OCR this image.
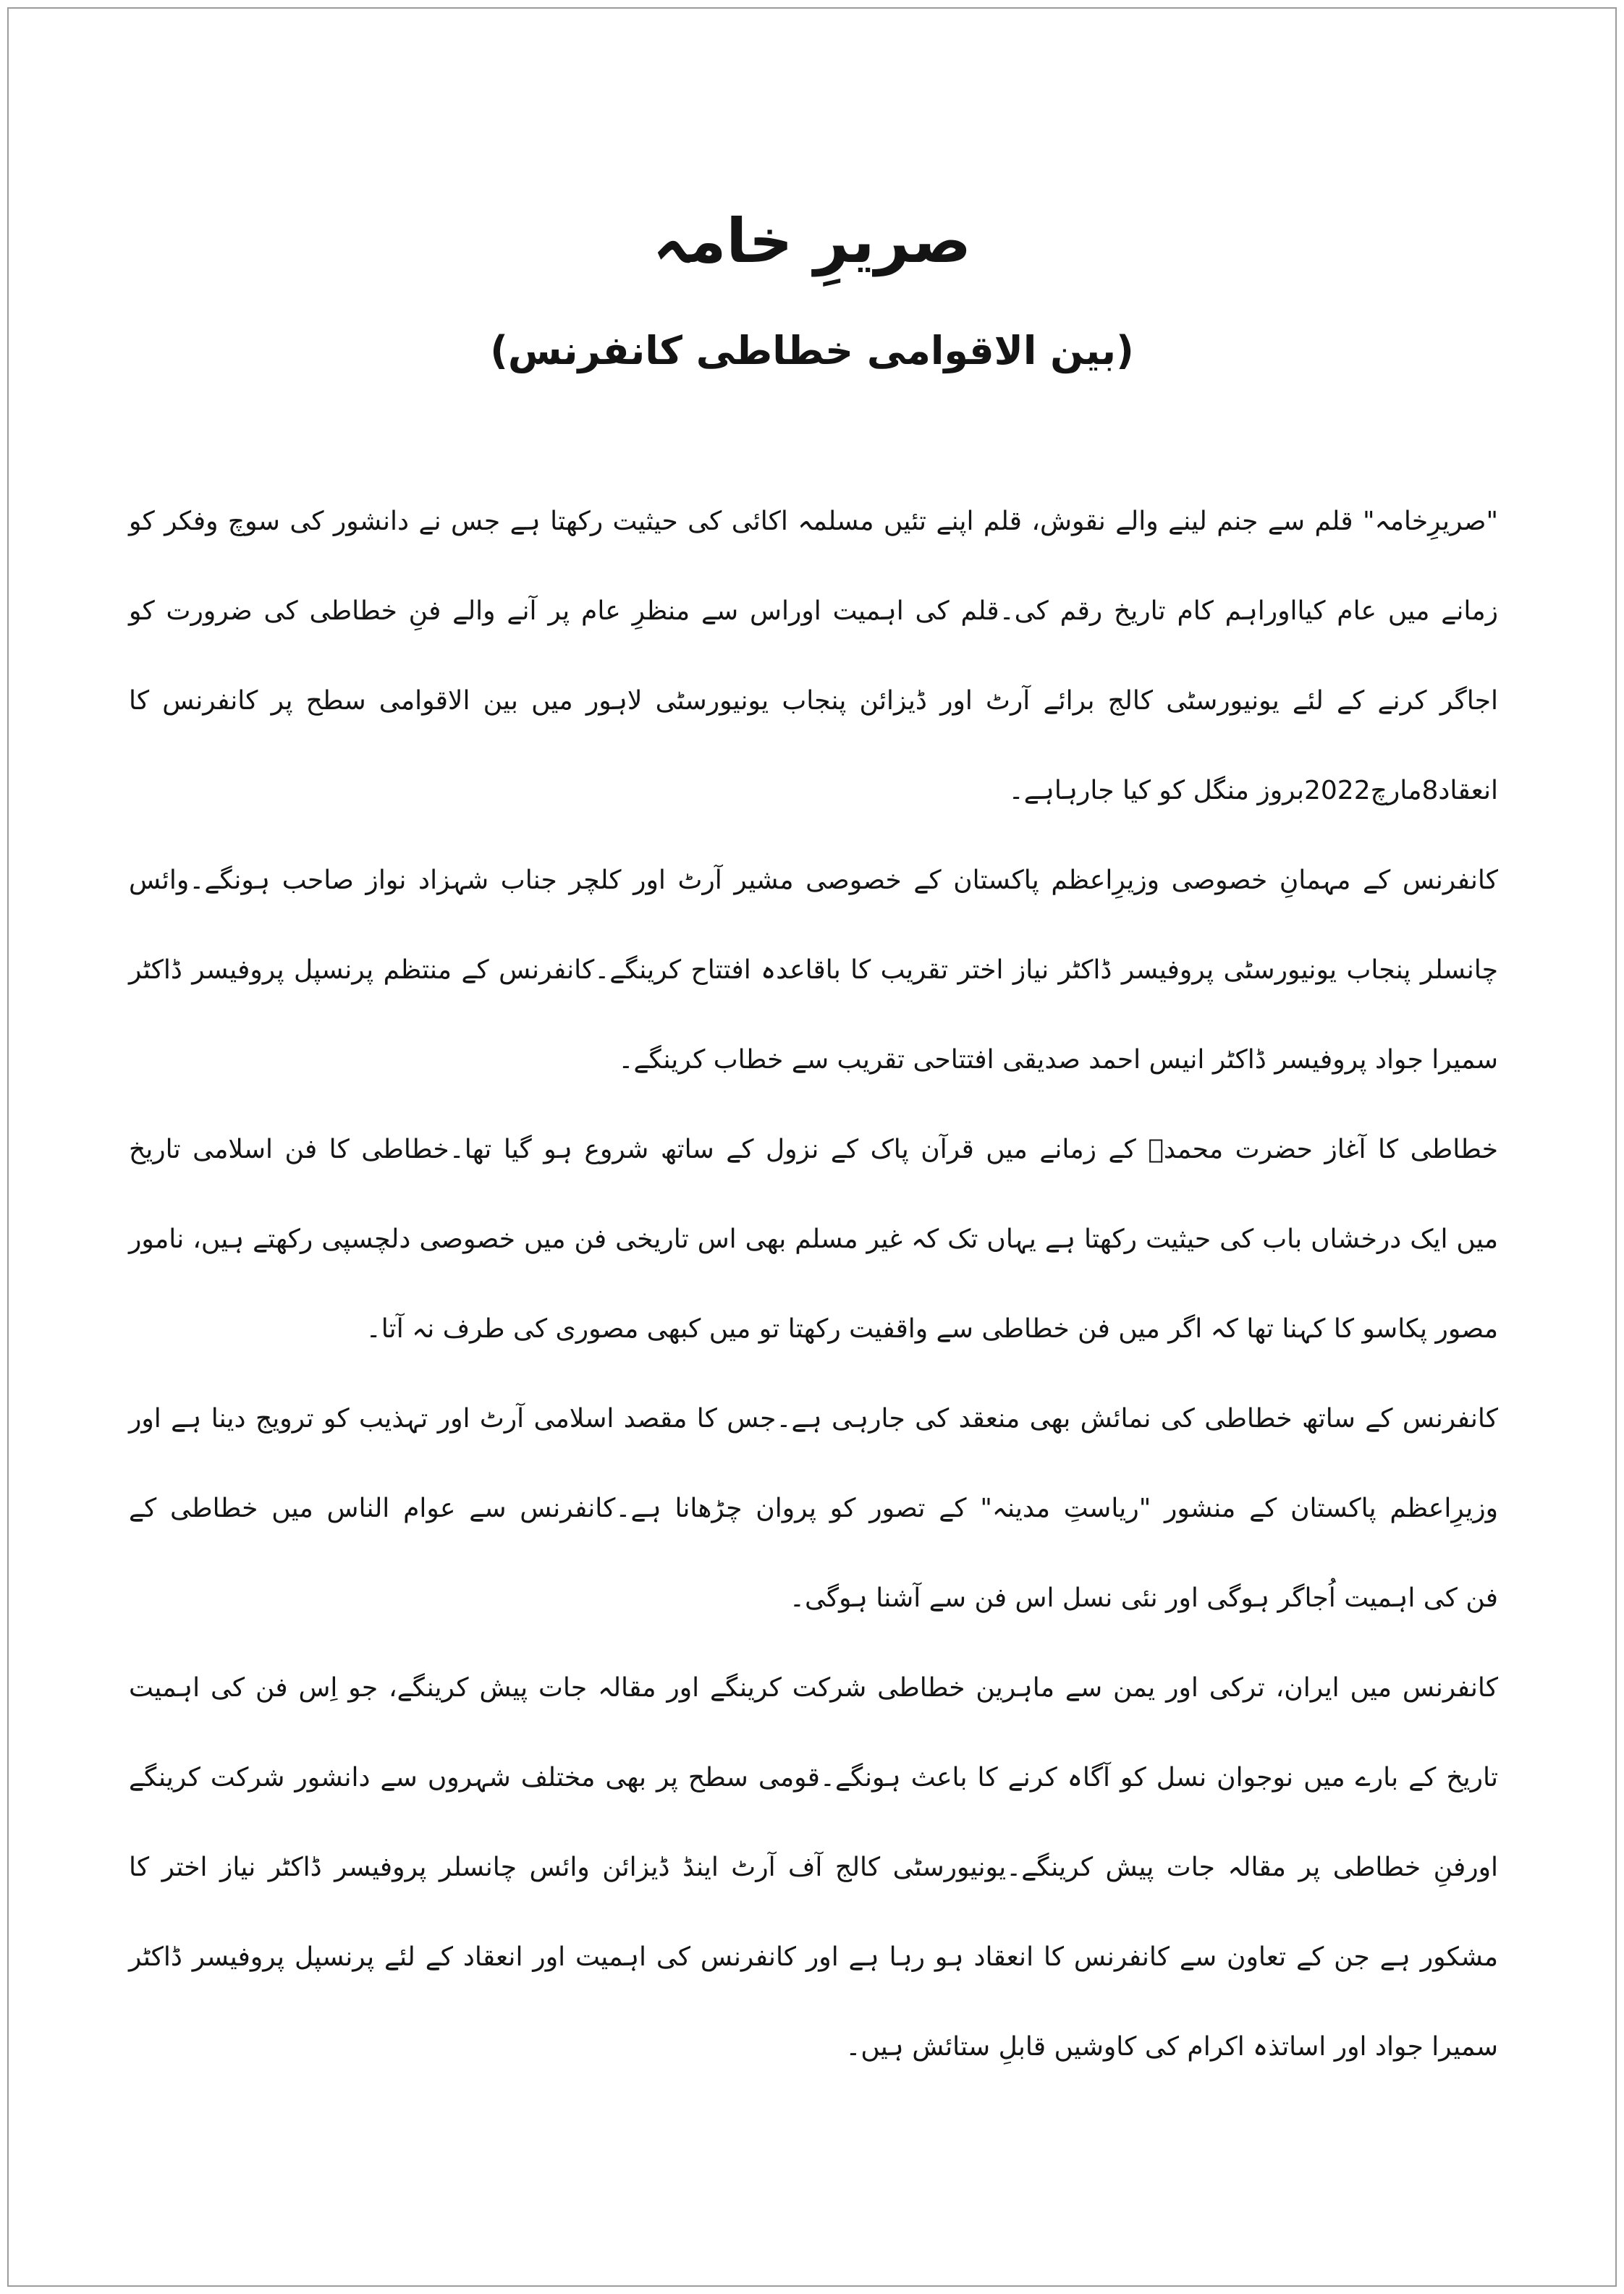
صریرِ خامہ
(بین الاقوامی خطاطی کانفرنس)
"صریرِخامہ" قلم سے جنم لینے والے نقوش، قلم اپنے تئیں مسلمہ اکائی کی حیثیت رکھتا ہے جس نے دانشور کی سوچ وفکر کو
زمانے میں عام کیااوراہم کام تاریخ رقم کی۔قلم کی اہمیت اوراس سے منظرِ عام پر آنے والے فنِ خطاطی کی ضرورت کو
اجاگر کرنے کے لئے یونیورسٹی کالج برائے آرٹ اور ڈیزائن پنجاب یونیورسٹی لاہور میں بین الاقوامی سطح پر کانفرنس کا
انعقاد8مارچ2022بروز منگل کو کیا جارہاہے۔
کانفرنس کے مہمانِ خصوصی وزیرِاعظم پاکستان کے خصوصی مشیر آرٹ اور کلچر جناب شہزاد نواز صاحب ہونگے۔وائس
چانسلر پنجاب یونیورسٹی پروفیسر ڈاکٹر نیاز اختر تقریب کا باقاعدہ افتتاح کرینگے۔کانفرنس کے منتظم پرنسپل پروفیسر ڈاکٹر
سمیرا جواد پروفیسر ڈاکٹر انیس احمد صدیقی افتتاحی تقریب سے خطاب کرینگے۔
خطاطی کا آغاز حضرت محمدؐ کے زمانے میں قرآن پاک کے نزول کے ساتھ شروع ہو گیا تھا۔خطاطی کا فن اسلامی تاریخ
میں ایک درخشاں باب کی حیثیت رکھتا ہے یہاں تک کہ غیر مسلم بھی اس تاریخی فن میں خصوصی دلچسپی رکھتے ہیں، نامور
مصور پکاسو کا کہنا تھا کہ اگر میں فن خطاطی سے واقفیت رکھتا تو میں کبھی مصوری کی طرف نہ آتا۔
کانفرنس کے ساتھ خطاطی کی نمائش بھی منعقد کی جارہی ہے۔جس کا مقصد اسلامی آرٹ اور تہذیب کو ترویج دینا ہے اور
وزیرِاعظم پاکستان کے منشور "ریاستِ مدینہ" کے تصور کو پروان چڑھانا ہے۔کانفرنس سے عوام الناس میں خطاطی کے
فن کی اہمیت اُجاگر ہوگی اور نئی نسل اس فن سے آشنا ہوگی۔
کانفرنس میں ایران، ترکی اور یمن سے ماہرین خطاطی شرکت کرینگے اور مقالہ جات پیش کرینگے، جو اِس فن کی اہمیت
تاریخ کے بارے میں نوجوان نسل کو آگاہ کرنے کا باعث ہونگے۔قومی سطح پر بھی مختلف شہروں سے دانشور شرکت کرینگے
اورفنِ خطاطی پر مقالہ جات پیش کرینگے۔یونیورسٹی کالج آف آرٹ اینڈ ڈیزائن وائس چانسلر پروفیسر ڈاکٹر نیاز اختر کا
مشکور ہے جن کے تعاون سے کانفرنس کا انعقاد ہو رہا ہے اور کانفرنس کی اہمیت اور انعقاد کے لئے پرنسپل پروفیسر ڈاکٹر
سمیرا جواد اور اساتذہ اکرام کی کاوشیں قابلِ ستائش ہیں۔
